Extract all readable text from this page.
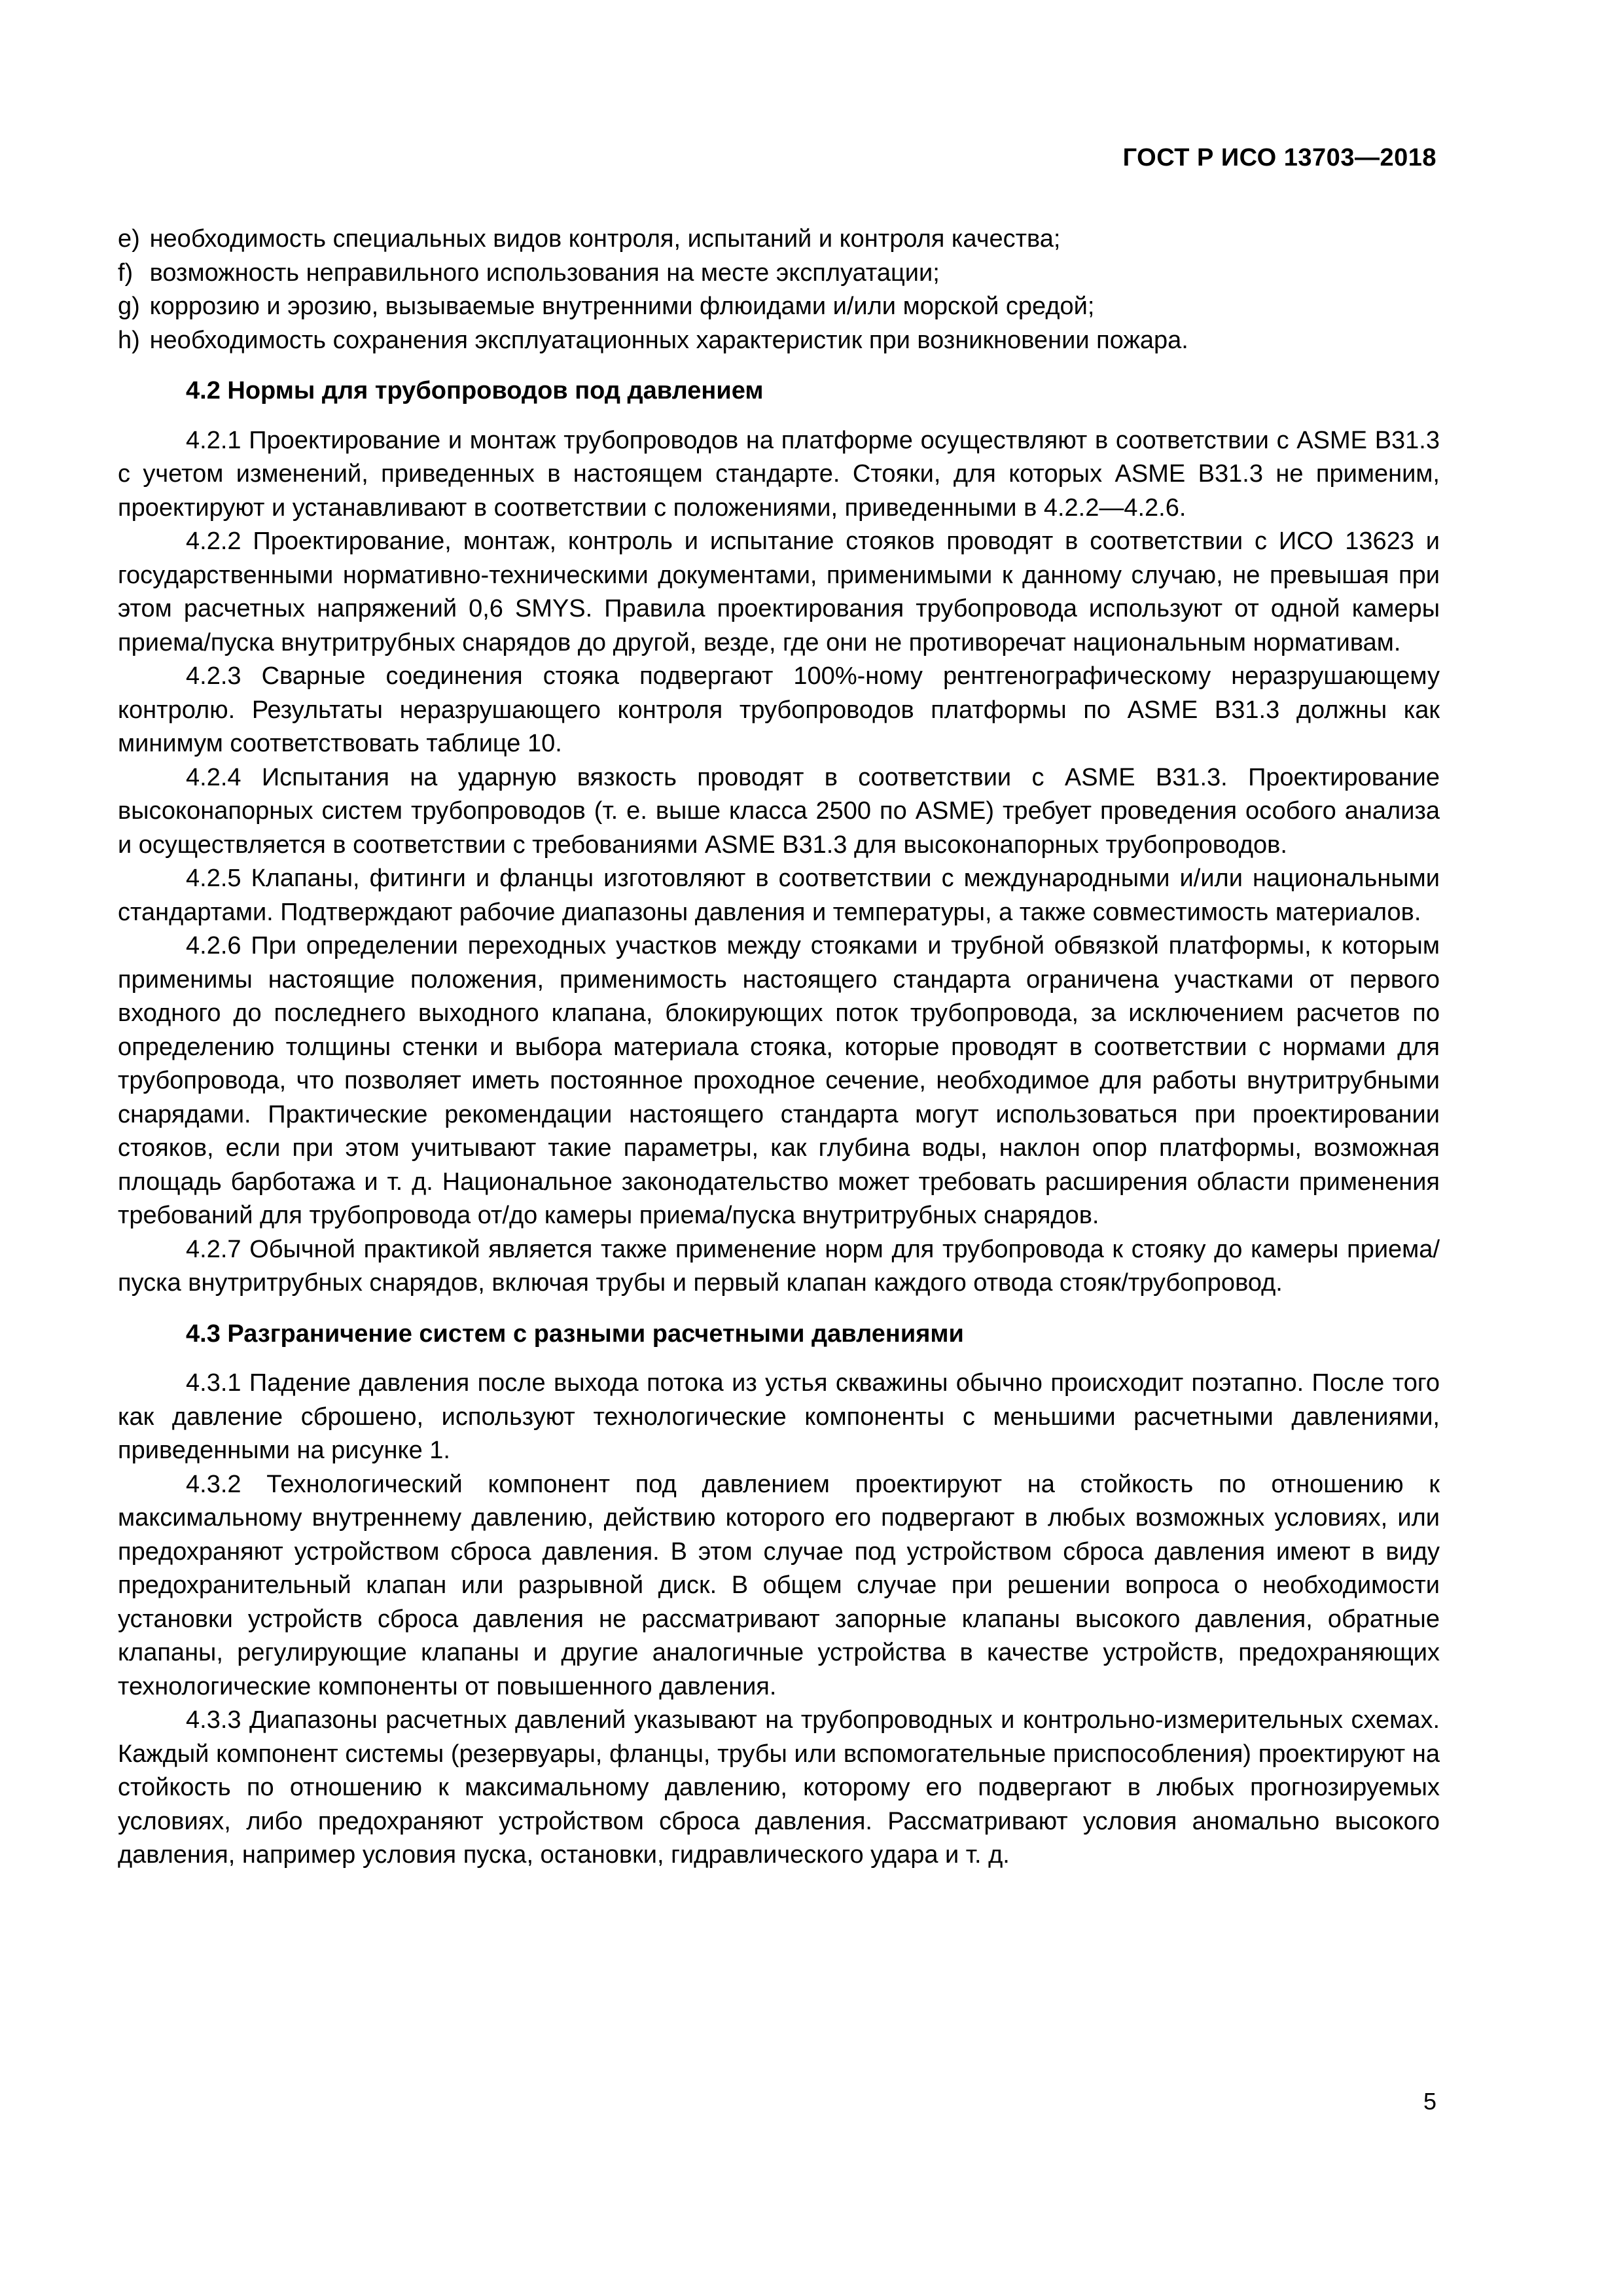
ГОСТ Р ИСО 13703—2018
e) необходимость специальных видов контроля, испытаний и контроля качества;
f) возможность неправильного использования на месте эксплуатации;
g) коррозию и эрозию, вызываемые внутренними флюидами и/или морской средой;
h) необходимость сохранения эксплуатационных характеристик при возникновении пожара.
4.2 Нормы для трубопроводов под давлением

4.2.1 Проектирование и монтаж трубопроводов на платформе осуществляют в соответствии с ASME B31.3 с учетом изменений, приведенных в настоящем стандарте. Стояки, для которых ASME B31.3 не применим, проектируют и устанавливают в соответствии с положениями, приведенными в 4.2.2—4.2.6.

4.2.2 Проектирование, монтаж, контроль и испытание стояков проводят в соответствии с ИСО 13623 и государственными нормативно-техническими документами, применимыми к данному случаю, не превышая при этом расчетных напряжений 0,6 SMYS. Правила проектирования трубопровода используют от одной камеры приема/пуска внутритрубных снарядов до другой, везде, где они не противоречат национальным нормативам.

4.2.3 Сварные соединения стояка подвергают 100%-ному рентгенографическому неразрушающему контролю. Результаты неразрушающего контроля трубопроводов платформы по ASME B31.3 должны как минимум соответствовать таблице 10.

4.2.4 Испытания на ударную вязкость проводят в соответствии с ASME B31.3. Проектирование высоконапорных систем трубопроводов (т. е. выше класса 2500 по ASME) требует проведения особого анализа и осуществляется в соответствии с требованиями ASME B31.3 для высоконапорных трубопроводов.

4.2.5 Клапаны, фитинги и фланцы изготовляют в соответствии с международными и/или национальными стандартами. Подтверждают рабочие диапазоны давления и температуры, а также совместимость материалов.

4.2.6 При определении переходных участков между стояками и трубной обвязкой платформы, к которым применимы настоящие положения, применимость настоящего стандарта ограничена участками от первого входного до последнего выходного клапана, блокирующих поток трубопровода, за исключением расчетов по определению толщины стенки и выбора материала стояка, которые проводят в соответствии с нормами для трубопровода, что позволяет иметь постоянное проходное сечение, необходимое для работы внутритрубными снарядами. Практические рекомендации настоящего стандарта могут использоваться при проектировании стояков, если при этом учитывают такие параметры, как глубина воды, наклон опор платформы, возможная площадь барботажа и т. д. Национальное законодательство может требовать расширения области применения требований для трубопровода от/до камеры приема/пуска внутритрубных снарядов.

4.2.7 Обычной практикой является также применение норм для трубопровода к стояку до камеры приема/пуска внутритрубных снарядов, включая трубы и первый клапан каждого отвода стояк/трубопровод.

4.3 Разграничение систем с разными расчетными давлениями

4.3.1 Падение давления после выхода потока из устья скважины обычно происходит поэтапно. После того как давление сброшено, используют технологические компоненты с меньшими расчетными давлениями, приведенными на рисунке 1.

4.3.2 Технологический компонент под давлением проектируют на стойкость по отношению к максимальному внутреннему давлению, действию которого его подвергают в любых возможных условиях, или предохраняют устройством сброса давления. В этом случае под устройством сброса давления имеют в виду предохранительный клапан или разрывной диск. В общем случае при решении вопроса о необходимости установки устройств сброса давления не рассматривают запорные клапаны высокого давления, обратные клапаны, регулирующие клапаны и другие аналогичные устройства в качестве устройств, предохраняющих технологические компоненты от повышенного давления.

4.3.3 Диапазоны расчетных давлений указывают на трубопроводных и контрольно-измерительных схемах. Каждый компонент системы (резервуары, фланцы, трубы или вспомогательные приспособления) проектируют на стойкость по отношению к максимальному давлению, которому его подвергают в любых прогнозируемых условиях, либо предохраняют устройством сброса давления. Рассматривают условия аномально высокого давления, например условия пуска, остановки, гидравлического удара и т. д.

5
